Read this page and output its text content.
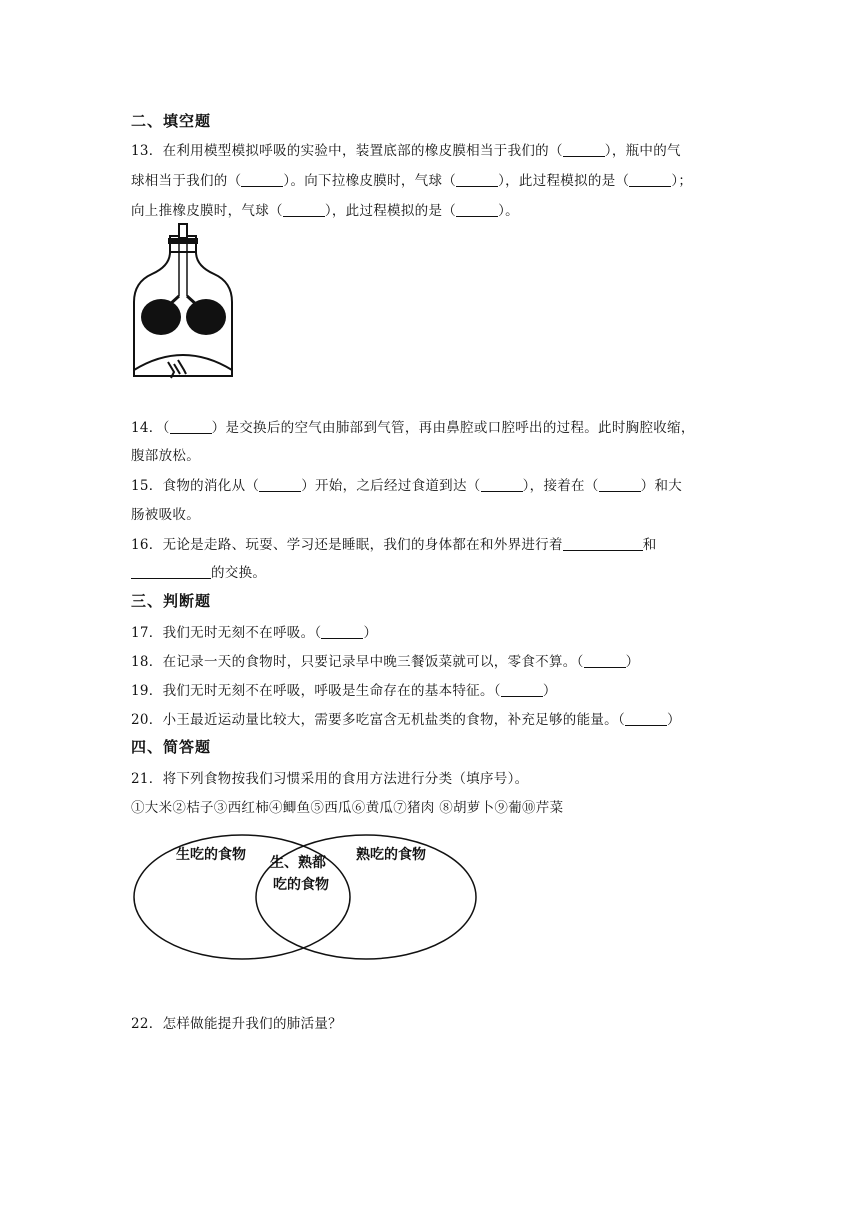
二、填空题
13．在利用模型模拟呼吸的实验中，装置底部的橡皮膜相当于我们的（	），瓶中的气
球相当于我们的（	）。向下拉橡皮膜时，气球（	），此过程模拟的是（	）；
向上推橡皮膜时，气球（	），此过程模拟的是（	）。
14．（	）是交换后的空气由肺部到气管，再由鼻腔或口腔呼出的过程。此时胸腔收缩，
腹部放松。
15．食物的消化从（	）开始，之后经过食道到达（	），接着在（	）和大
肠被吸收。
16．无论是走路、玩耍、学习还是睡眠，我们的身体都在和外界进行着	和
的交换。
三、判断题
17．我们无时无刻不在呼吸。（	）
18．在记录一天的食物时，只要记录早中晚三餐饭菜就可以，零食不算。（	）
19．我们无时无刻不在呼吸，呼吸是生命存在的基本特征。（	）
20．小王最近运动量比较大，需要多吃富含无机盐类的食物，补充足够的能量。（	）
四、简答题
21．将下列食物按我们习惯采用的食用方法进行分类（填序号）。
①大米②桔子③西红柿④鲫鱼⑤西瓜⑥黄瓜⑦猪肉 ⑧胡萝卜⑨葡⑩芹菜
生吃的食物 生、熟都
吃的食物
熟吃的食物
22．怎样做能提升我们的肺活量？
